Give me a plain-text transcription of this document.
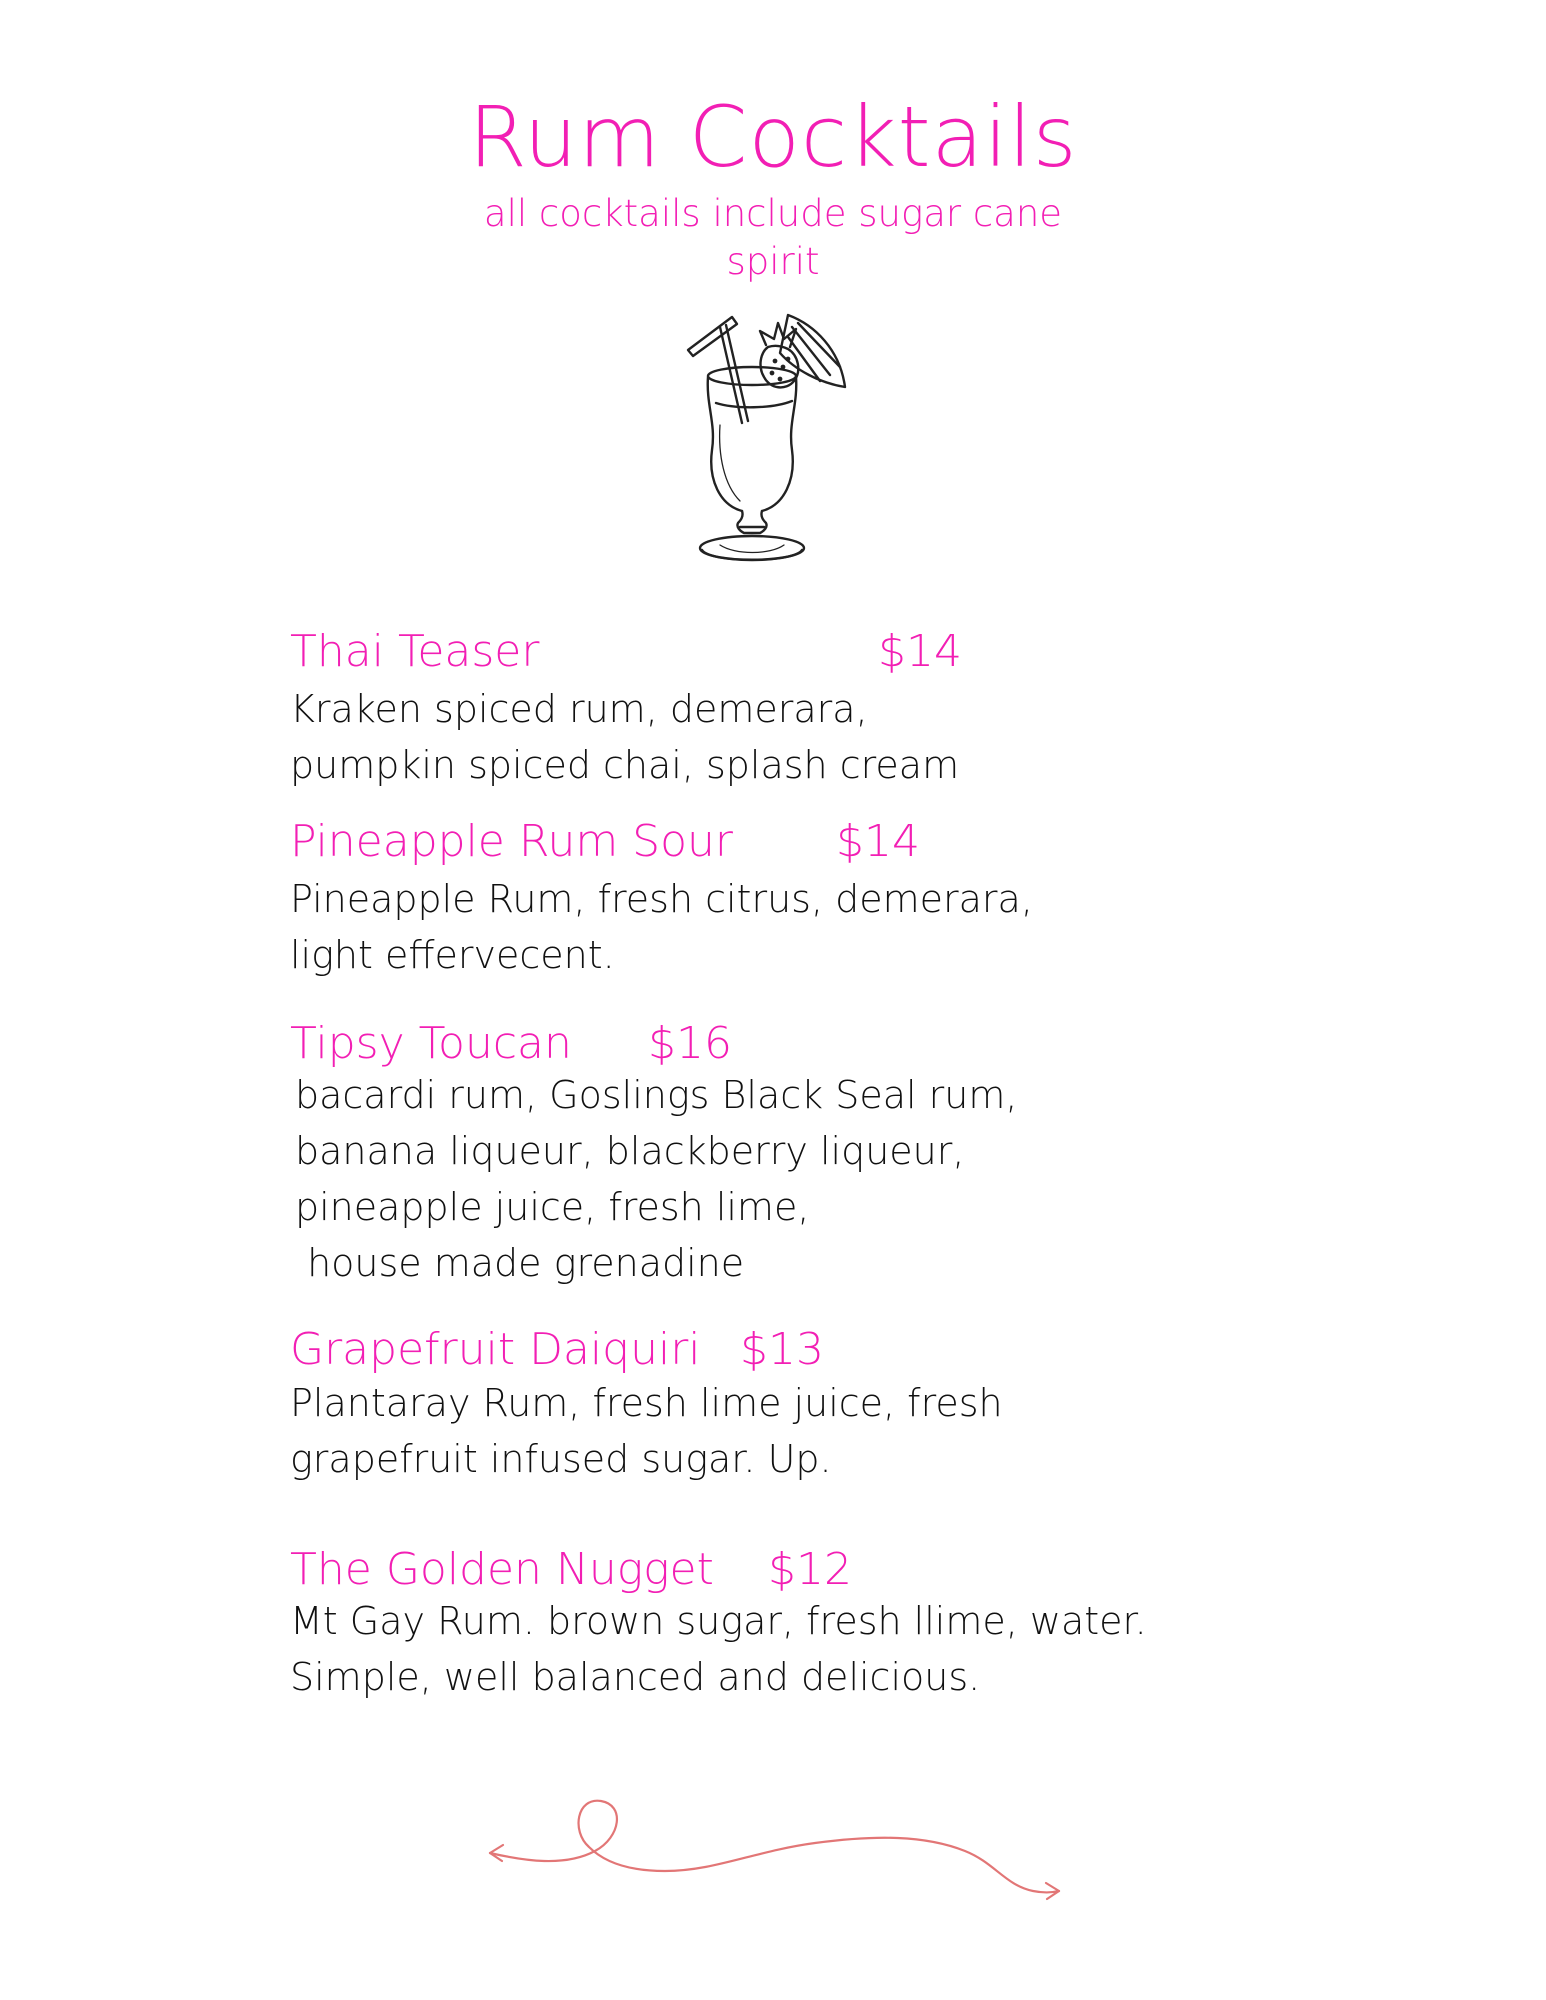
Rum Cocktails
all cocktails include sugar cane
spirit
Thai Teaser	$14
Kraken spiced rum, demerara,
pumpkin spiced chai, splash cream
Pineapple Rum Sour $14
Pineapple Rum, fresh citrus, demerara,
light effervecent.
Tipsy Toucan $16
bacardi rum, Goslings Black Seal rum,
banana liqueur, blackberry liqueur,
pineapple juice, fresh lime,
house made grenadine
Grapefruit Daiquiri $13
Plantaray Rum, fresh lime juice, fresh
grapefruit infused sugar. Up.
The Golden Nugget $12
Mt Gay Rum. brown sugar, fresh llime, water.
Simple, well balanced and delicious.
